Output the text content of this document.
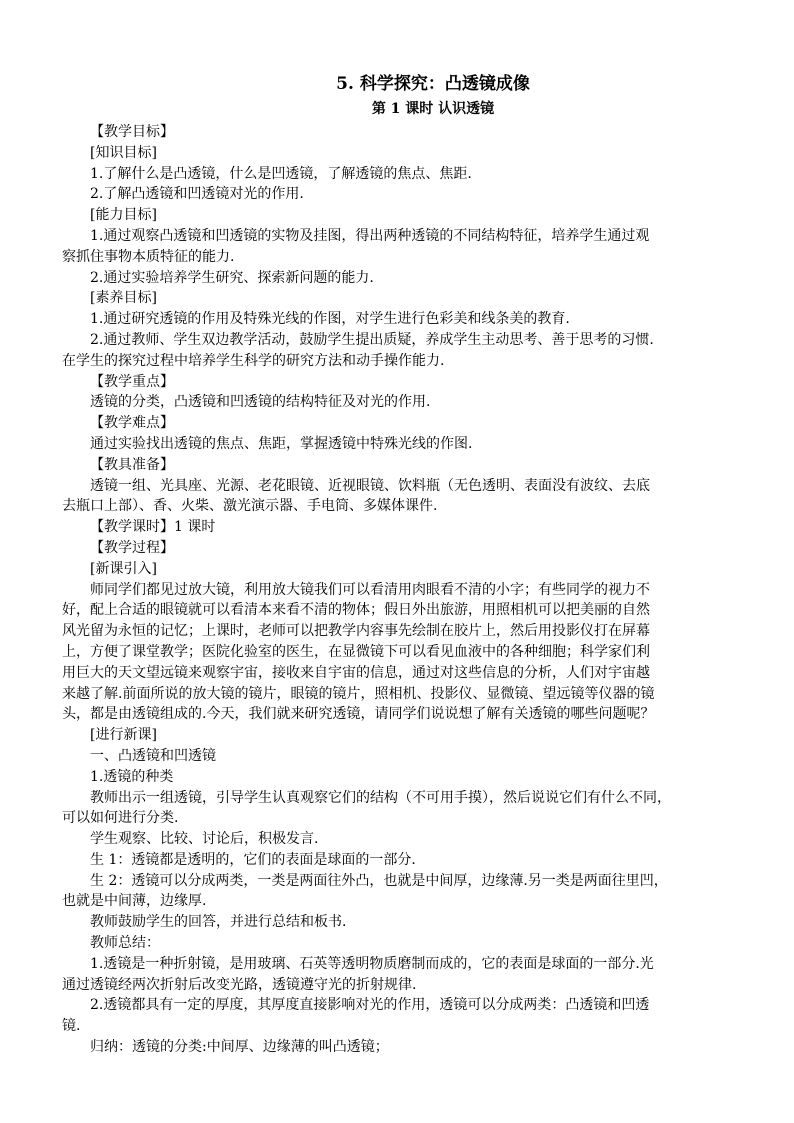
5. 科学探究：凸透镜成像
第 1 课时 认识透镜
【教学目标】
[知识目标]
1.了解什么是凸透镜，什么是凹透镜，了解透镜的焦点、焦距.
2.了解凸透镜和凹透镜对光的作用.
[能力目标]
1.通过观察凸透镜和凹透镜的实物及挂图，得出两种透镜的不同结构特征，培养学生通过观
察抓住事物本质特征的能力.
2.通过实验培养学生研究、探索新问题的能力.
[素养目标]
1.通过研究透镜的作用及特殊光线的作图，对学生进行色彩美和线条美的教育.
2.通过教师、学生双边教学活动，鼓励学生提出质疑，养成学生主动思考、善于思考的习惯.
在学生的探究过程中培养学生科学的研究方法和动手操作能力.
【教学重点】
透镜的分类，凸透镜和凹透镜的结构特征及对光的作用.
【教学难点】
通过实验找出透镜的焦点、焦距，掌握透镜中特殊光线的作图.
【教具准备】
透镜一组、光具座、光源、老花眼镜、近视眼镜、饮料瓶（无色透明、表面没有波纹、去底
去瓶口上部）、香、火柴、激光演示器、手电筒、多媒体课件.
【教学课时】1 课时
【教学过程】
[新课引入]
师同学们都见过放大镜，利用放大镜我们可以看清用肉眼看不清的小字；有些同学的视力不
好，配上合适的眼镜就可以看清本来看不清的物体；假日外出旅游，用照相机可以把美丽的自然
风光留为永恒的记忆；上课时，老师可以把教学内容事先绘制在胶片上，然后用投影仪打在屏幕
上，方便了课堂教学；医院化验室的医生，在显微镜下可以看见血液中的各种细胞；科学家们利
用巨大的天文望远镜来观察宇宙，接收来自宇宙的信息，通过对这些信息的分析，人们对宇宙越
来越了解.前面所说的放大镜的镜片，眼镜的镜片，照相机、投影仪、显微镜、望远镜等仪器的镜
头，都是由透镜组成的.今天，我们就来研究透镜，请同学们说说想了解有关透镜的哪些问题呢？
[进行新课]
一、凸透镜和凹透镜
1.透镜的种类
教师出示一组透镜，引导学生认真观察它们的结构（不可用手摸），然后说说它们有什么不同，
可以如何进行分类.
学生观察、比较、讨论后，积极发言.
生 1：透镜都是透明的，它们的表面是球面的一部分.
生 2：透镜可以分成两类，一类是两面往外凸，也就是中间厚，边缘薄.另一类是两面往里凹，
也就是中间薄，边缘厚.
教师鼓励学生的回答，并进行总结和板书.
教师总结：
1.透镜是一种折射镜，是用玻璃、石英等透明物质磨制而成的，它的表面是球面的一部分.光
通过透镜经两次折射后改变光路，透镜遵守光的折射规律.
2.透镜都具有一定的厚度，其厚度直接影响对光的作用，透镜可以分成两类：凸透镜和凹透
镜.
归纳：透镜的分类:中间厚、边缘薄的叫凸透镜；
